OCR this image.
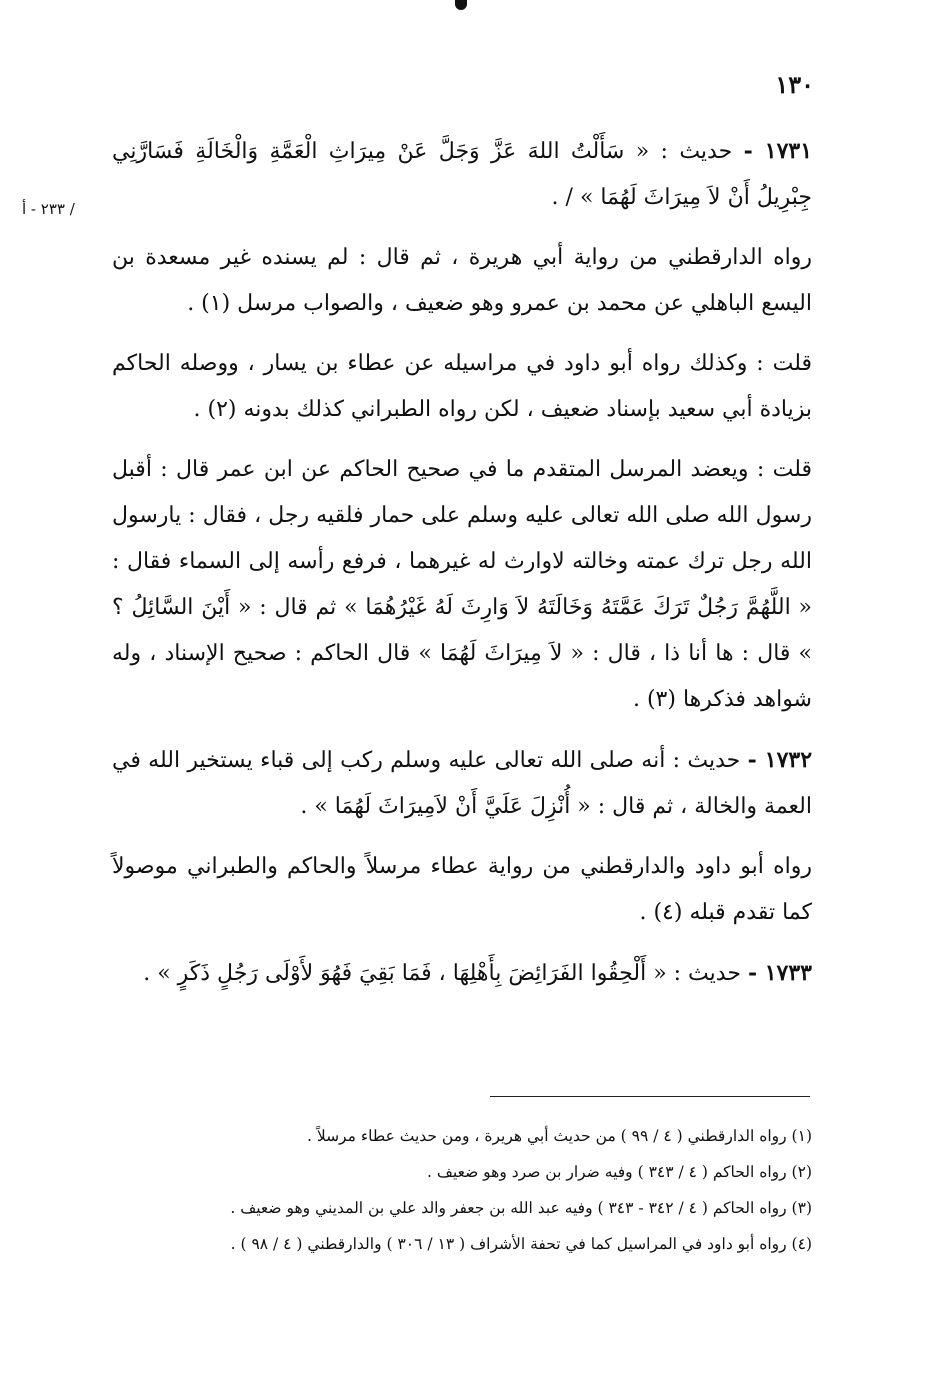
١٣٠
/ ٢٣٣ - أ

١٧٣١ - حديث : « سَأَلْتُ اللهَ عَزَّ وَجَلَّ عَنْ مِيرَاثِ الْعَمَّةِ وَالْخَالَةِ فَسَارَّنِي جِبْرِيلُ أَنْ لاَ مِيرَاثَ لَهُمَا » / .

رواه الدارقطني من رواية أبي هريرة ، ثم قال : لم يسنده غير مسعدة بن اليسع الباهلي عن محمد بن عمرو وهو ضعيف ، والصواب مرسل (١) .

قلت : وكذلك رواه أبو داود في مراسيله عن عطاء بن يسار ، ووصله الحاكم بزيادة أبي سعيد بإسناد ضعيف ، لكن رواه الطبراني كذلك بدونه (٢) .

قلت : ويعضد المرسل المتقدم ما في صحيح الحاكم عن ابن عمر قال : أقبل رسول الله صلى الله تعالى عليه وسلم على حمار فلقيه رجل ، فقال : يارسول الله رجل ترك عمته وخالته لاوارث له غيرهما ، فرفع رأسه إلى السماء فقال : « اللَّهُمَّ رَجُلٌ تَرَكَ عَمَّتَهُ وَخَالَتَهُ لاَ وَارِثَ لَهُ غَيْرُهُمَا » ثم قال : « أَيْنَ السَّائِلُ ؟ » قال : ها أنا ذا ، قال : « لاَ مِيرَاثَ لَهُمَا » قال الحاكم : صحيح الإسناد ، وله شواهد فذكرها (٣) .

١٧٣٢ - حديث : أنه صلى الله تعالى عليه وسلم ركب إلى قباء يستخير الله في العمة والخالة ، ثم قال : « أُنْزِلَ عَلَيَّ أَنْ لاَمِيرَاثَ لَهُمَا » .

رواه أبو داود والدارقطني من رواية عطاء مرسلاً والحاكم والطبراني موصولاً كما تقدم قبله (٤) .

١٧٣٣ - حديث : « أَلْحِقُوا الفَرَائِضَ بِأَهْلِهَا ، فَمَا بَقِيَ فَهُوَ لأَوْلَى رَجُلٍ ذَكَرٍ » .

(١) رواه الدارقطني ( ٤ / ٩٩ ) من حديث أبي هريرة ، ومن حديث عطاء مرسلاً .

(٢) رواه الحاكم ( ٤ / ٣٤٣ ) وفيه ضرار بن صرد وهو ضعيف .

(٣) رواه الحاكم ( ٤ / ٣٤٢ - ٣٤٣ ) وفيه عبد الله بن جعفر والد علي بن المديني وهو ضعيف .

(٤) رواه أبو داود في المراسيل كما في تحفة الأشراف ( ١٣ / ٣٠٦ ) والدارقطني ( ٤ / ٩٨ ) .
